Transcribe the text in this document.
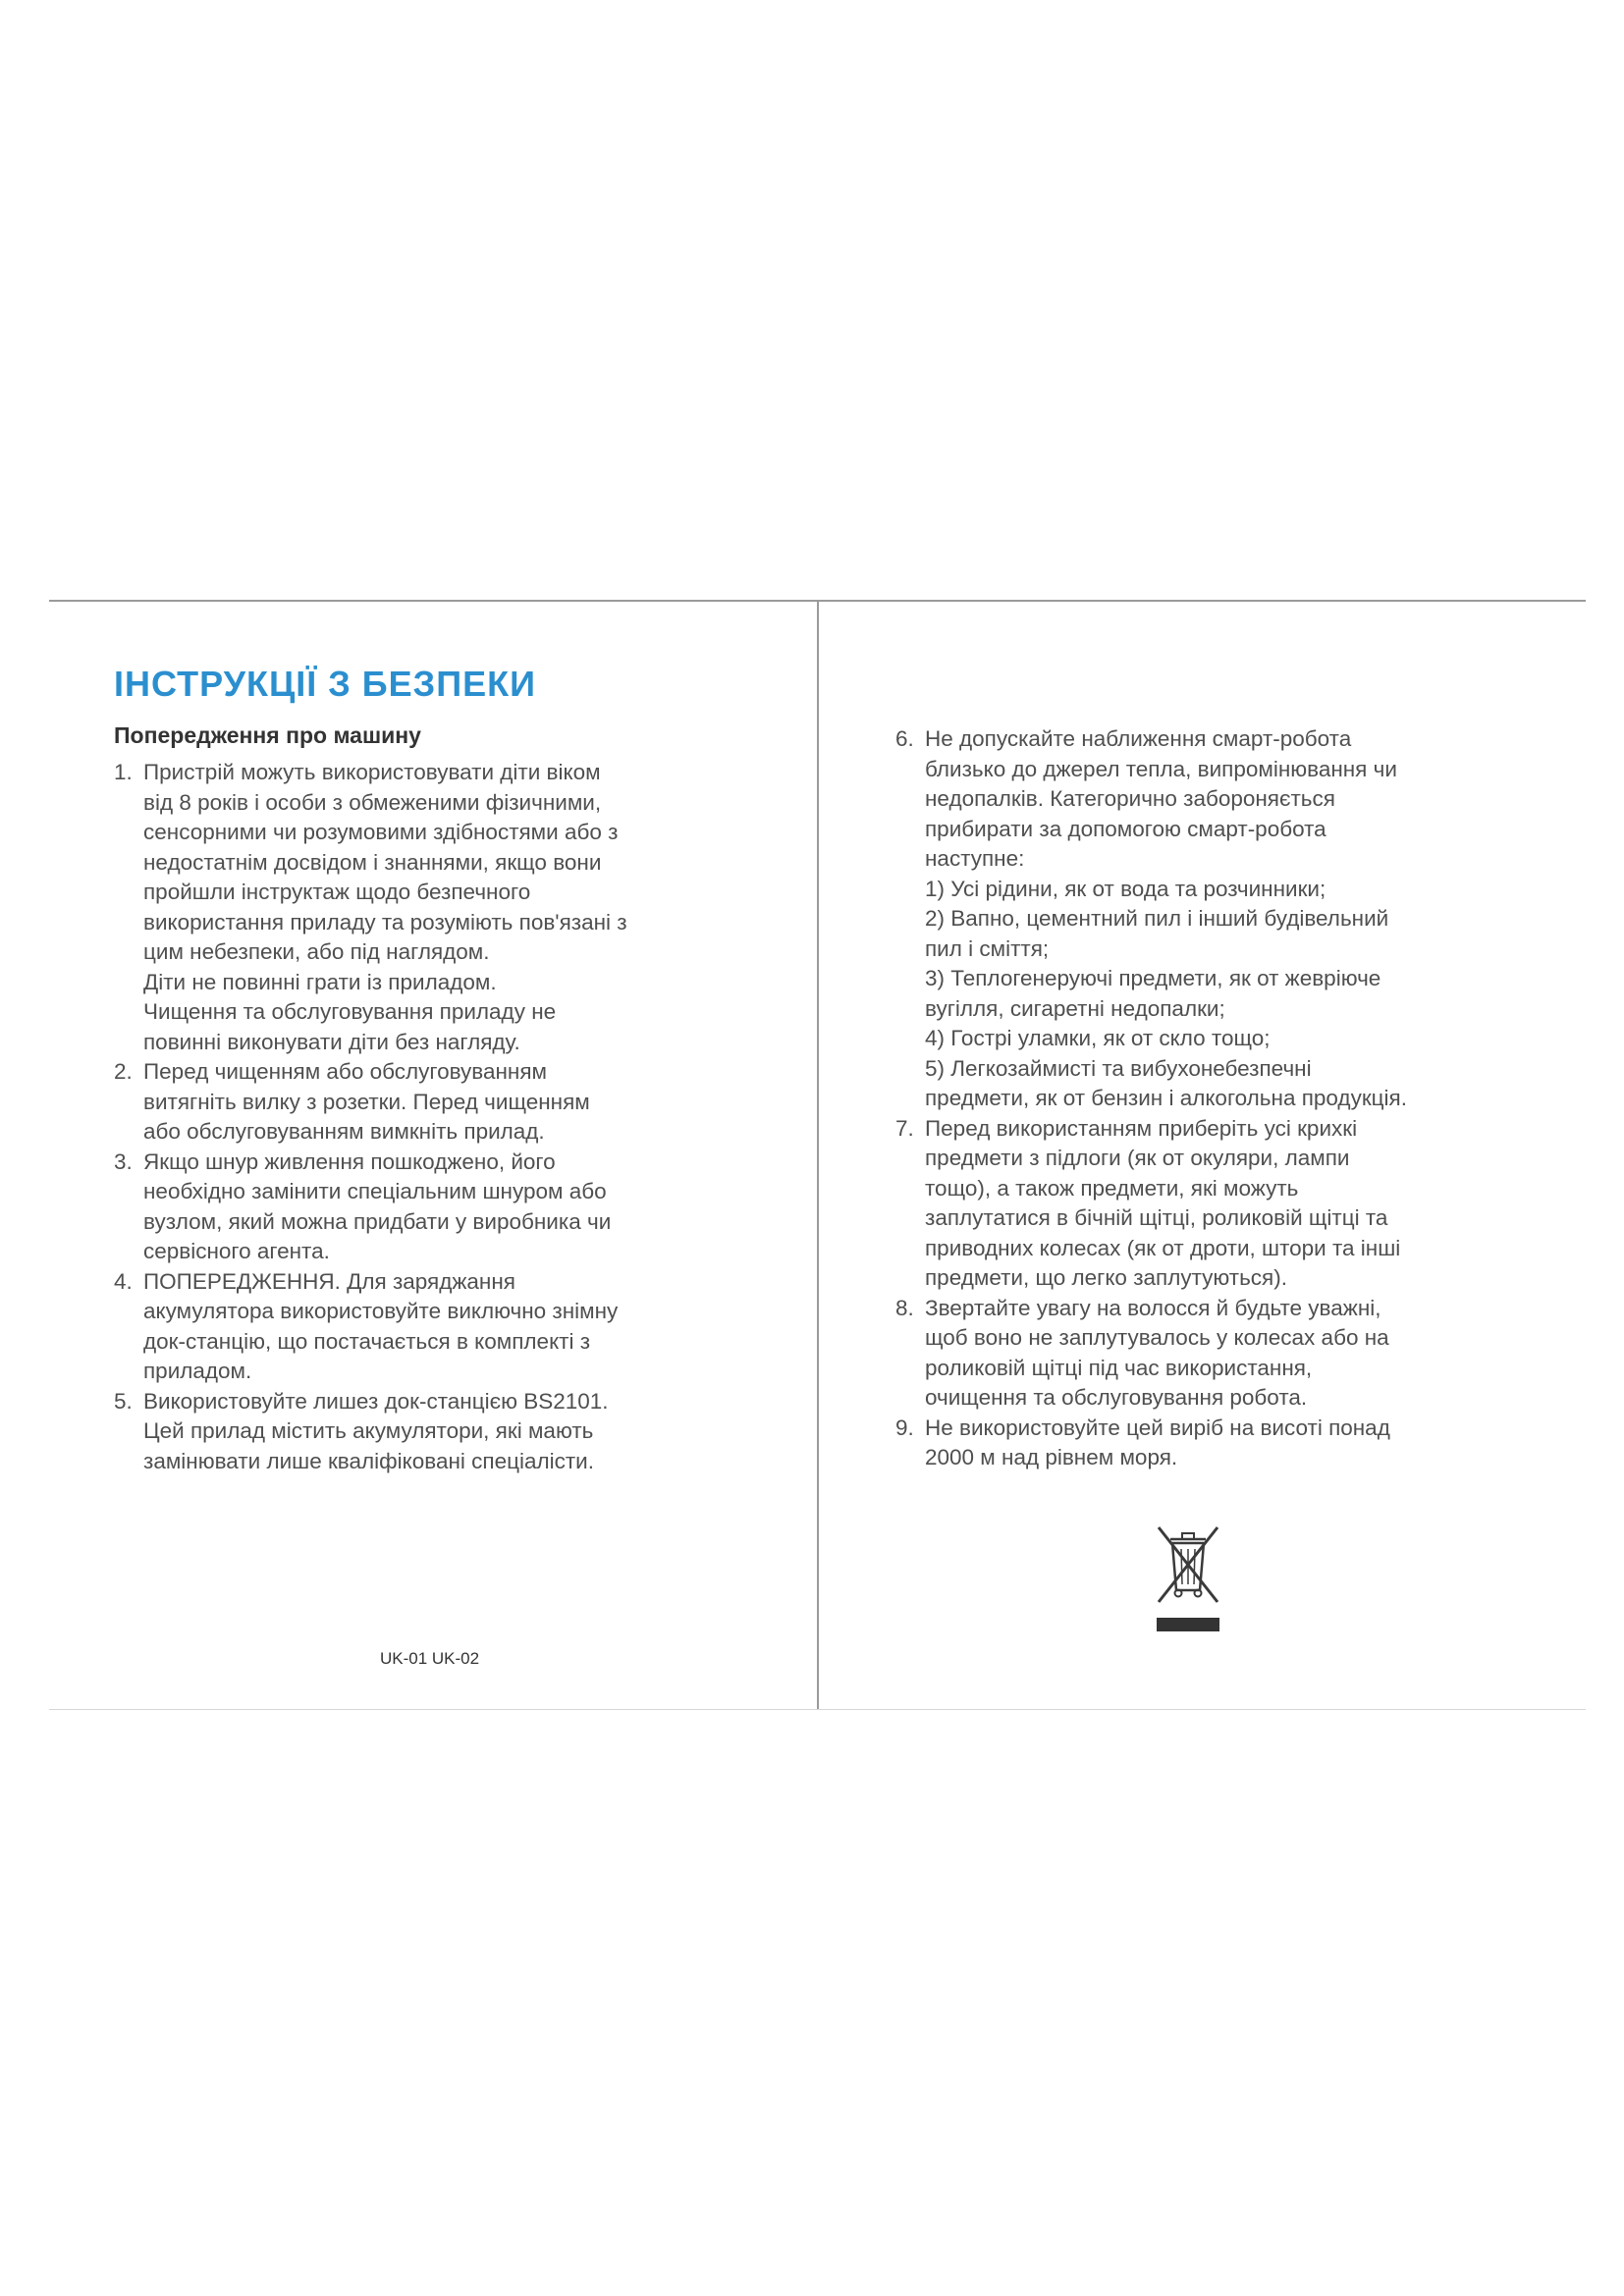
ІНСТРУКЦІЇ З БЕЗПЕКИ
Попередження про машину
1. Пристрій можуть використовувати діти віком
від 8 років і особи з обмеженими фізичними,
сенсорними чи розумовими здібностями або з
недостатнім досвідом і знаннями, якщо вони
пройшли інструктаж щодо безпечного
використання приладу та розуміють пов'язані з
цим небезпеки, або під наглядом.
Діти не повинні грати із приладом.
Чищення та обслуговування приладу не
повинні виконувати діти без нагляду.
2. Перед чищенням або обслуговуванням
витягніть вилку з розетки. Перед чищенням
або обслуговуванням вимкніть прилад.
3. Якщо шнур живлення пошкоджено, його
необхідно замінити спеціальним шнуром або
вузлом, який можна придбати у виробника чи
сервісного агента.
4. ПОПЕРЕДЖЕННЯ. Для заряджання
акумулятора використовуйте виключно знімну
док-станцію, що постачається в комплекті з
приладом.
5. Використовуйте лишез док-станцією BS2101.
Цей прилад містить акумулятори, які мають
замінювати лише кваліфіковані спеціалісти.
6. Не допускайте наближення смарт-робота
близько до джерел тепла, випромінювання чи
недопалків. Категорично забороняється
прибирати за допомогою смарт-робота
наступне:
1) Усі рідини, як от вода та розчинники;
2) Вапно, цементний пил і інший будівельний
пил і сміття;
3) Теплогенеруючі предмети, як от жевріюче
вугілля, сигаретні недопалки;
4) Гострі уламки, як от скло тощо;
5) Легкозаймисті та вибухонебезпечні
предмети, як от бензин і алкогольна продукція.
7. Перед використанням приберіть усі крихкі
предмети з підлоги (як от окуляри, лампи
тощо), а також предмети, які можуть
заплутатися в бічній щітці, роликовій щітці та
приводних колесах (як от дроти, штори та інші
предмети, що легко заплутуються).
8. Звертайте увагу на волосся й будьте уважні,
щоб воно не заплутувалось у колесах або на
роликовій щітці під час використання,
очищення та обслуговування робота.
9. Не використовуйте цей виріб на висоті понад
2000 м над рівнем моря.
UK-01 UK-02
